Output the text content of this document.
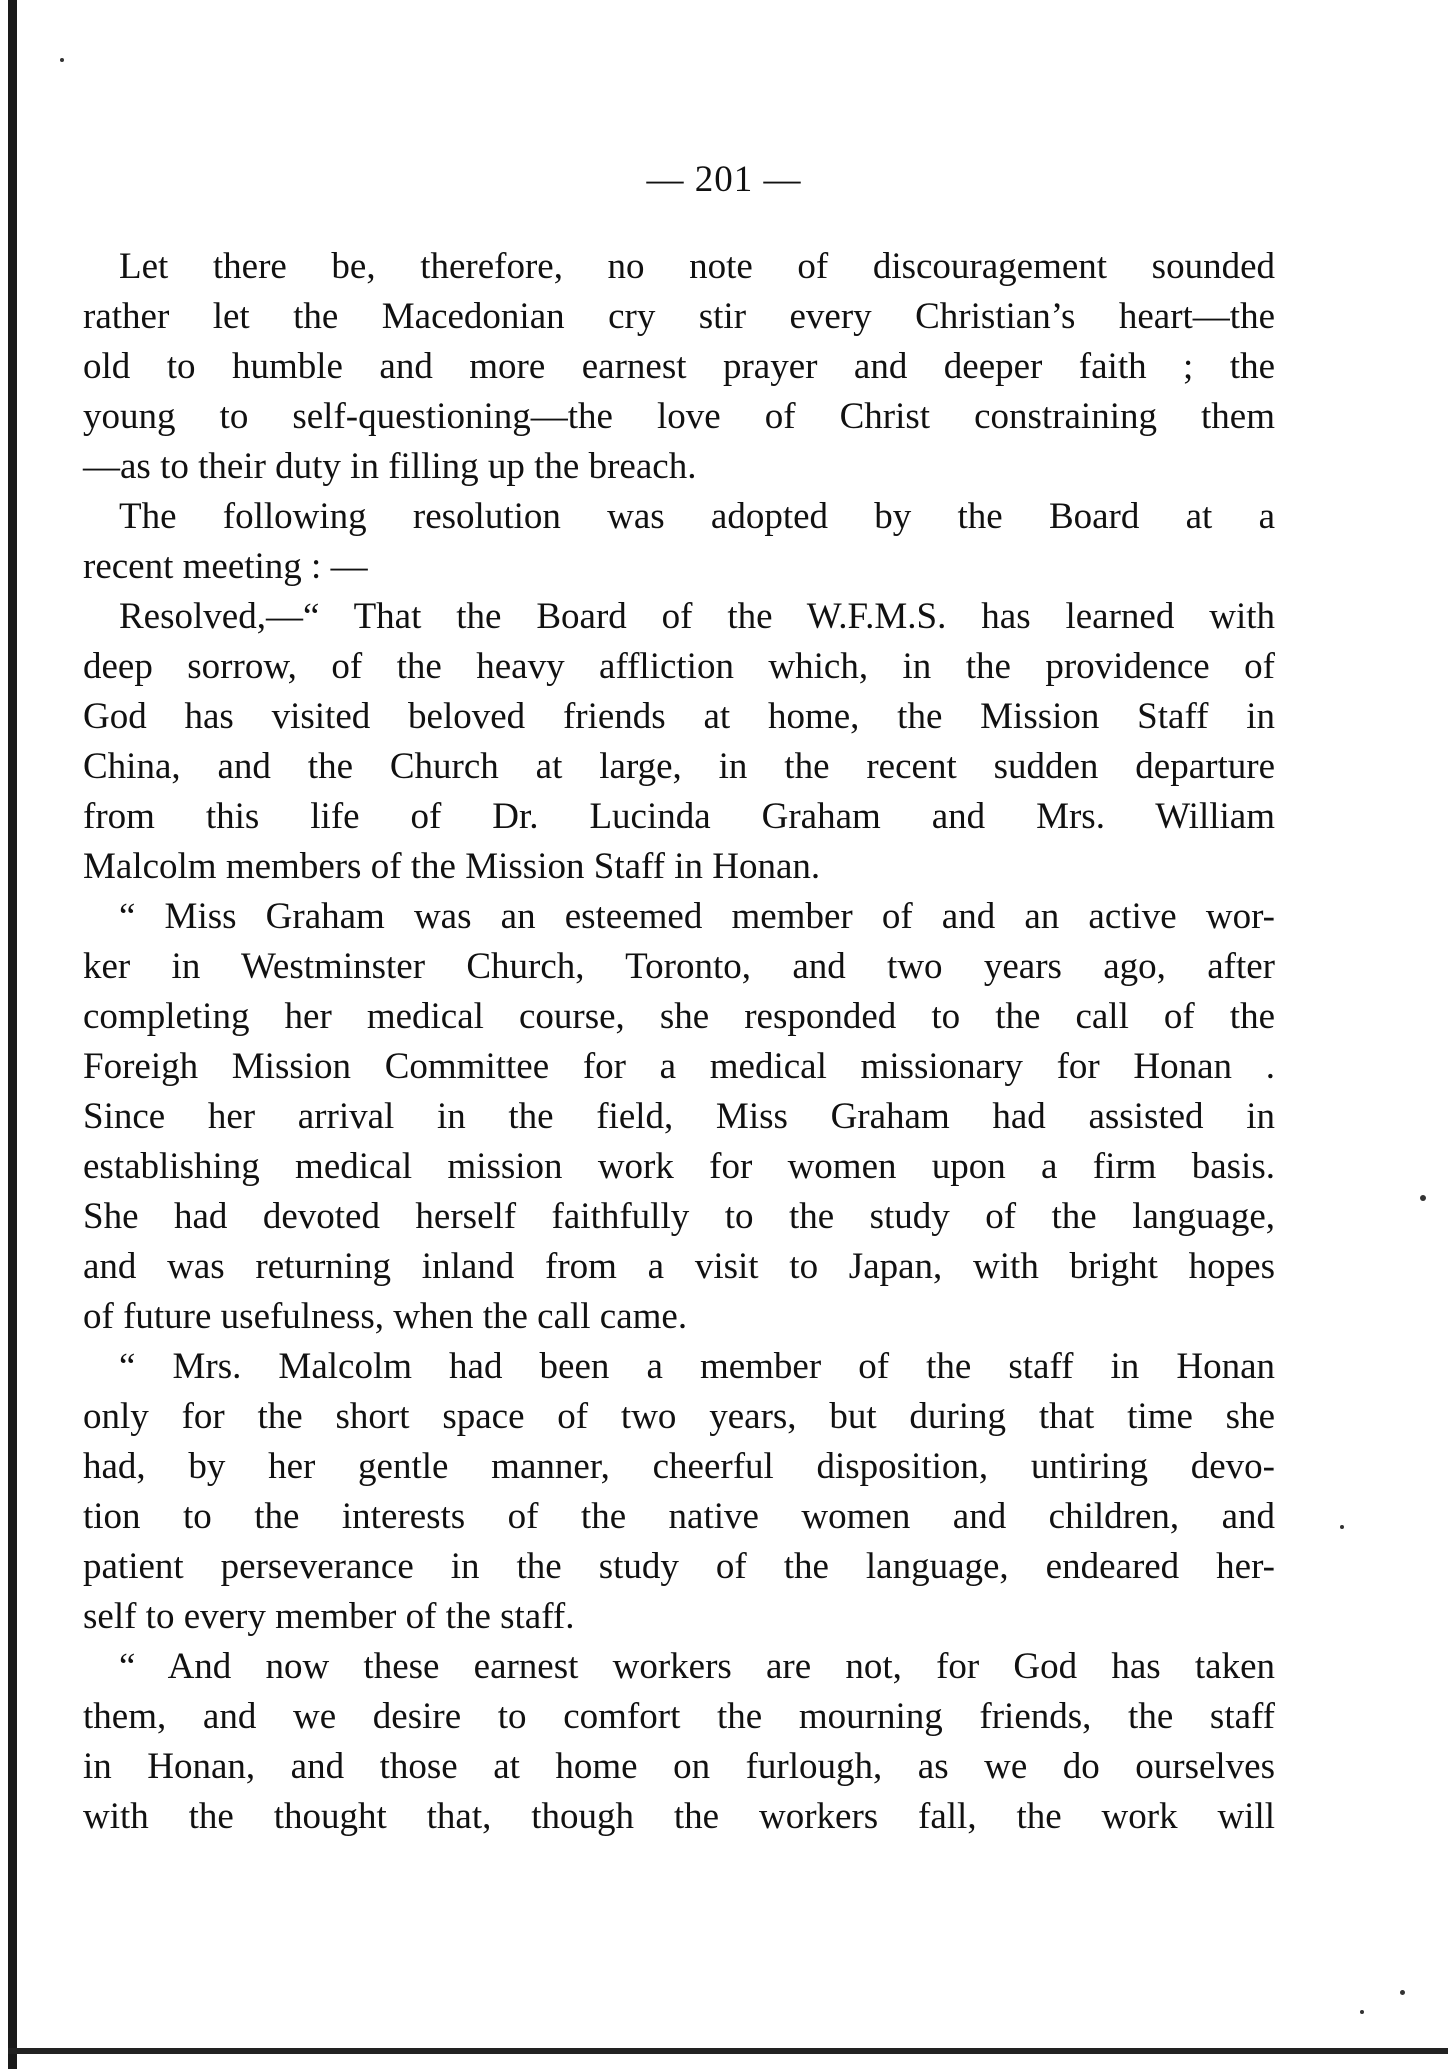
— 201 —
Let there be, therefore, no note of discouragement sounded
rather let the Macedonian cry stir every Christian’s heart—the
old to humble and more earnest prayer and deeper faith ; the
young to self-questioning—the love of Christ constraining them
—as to their duty in filling up the breach.
The following resolution was adopted by the Board at a
recent meeting : —
Resolved,—“ That the Board of the W.F.M.S. has learned with
deep sorrow, of the heavy affliction which, in the providence of
God has visited beloved friends at home, the Mission Staff in
China, and the Church at large, in the recent sudden departure
from this life of Dr. Lucinda Graham and Mrs. William
Malcolm members of the Mission Staff in Honan.
“ Miss Graham was an esteemed member of and an active wor-
ker in Westminster Church, Toronto, and two years ago, after
completing her medical course, she responded to the call of the
Foreigh Mission Committee for a medical missionary for Honan .
Since her arrival in the field, Miss Graham had assisted in
establishing medical mission work for women upon a firm basis.
She had devoted herself faithfully to the study of the language,
and was returning inland from a visit to Japan, with bright hopes
of future usefulness, when the call came.
“ Mrs. Malcolm had been a member of the staff in Honan
only for the short space of two years, but during that time she
had, by her gentle manner, cheerful disposition, untiring devo-
tion to the interests of the native women and children, and
patient perseverance in the study of the language, endeared her-
self to every member of the staff.
“ And now these earnest workers are not, for God has taken
them, and we desire to comfort the mourning friends, the staff
in Honan, and those at home on furlough, as we do ourselves
with the thought that, though the workers fall, the work will
